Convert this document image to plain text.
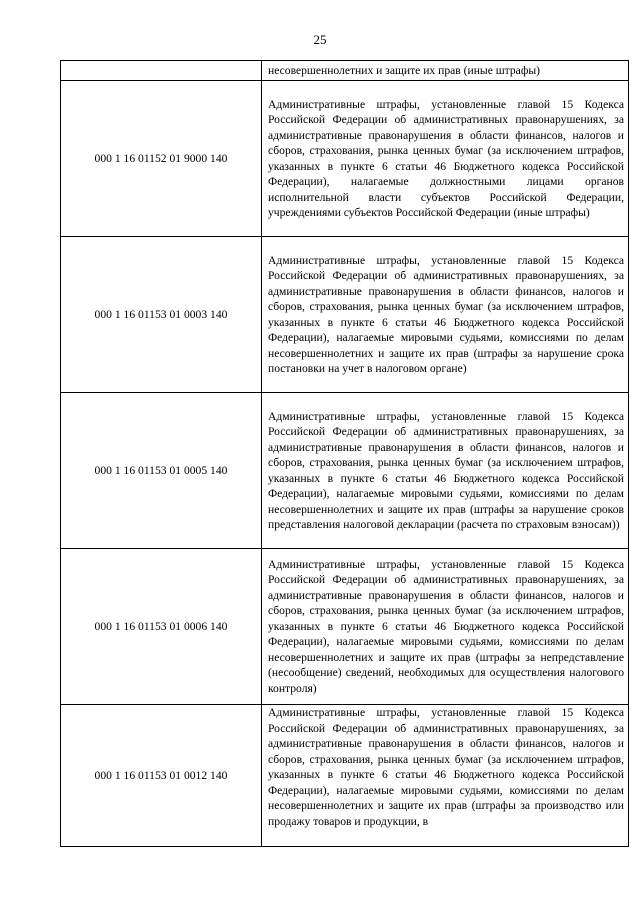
25
	несовершеннолетних и защите их прав (иные штрафы)
000 1 16 01152 01 9000 140	Административные штрафы, установленные главой 15 Кодекса Российской Федерации об административных правонарушениях, за административные правонарушения в области финансов, налогов и сборов, страхования, рынка ценных бумаг (за исключением штрафов, указанных в пункте 6 статьи 46 Бюджетного кодекса Российской Федерации), налагаемые должностными лицами органов исполнительной власти субъектов Российской Федерации, учреждениями субъектов Российской Федерации (иные штрафы)
000 1 16 01153 01 0003 140	Административные штрафы, установленные главой 15 Кодекса Российской Федерации об административных правонарушениях, за административные правонарушения в области финансов, налогов и сборов, страхования, рынка ценных бумаг (за исключением штрафов, указанных в пункте 6 статьи 46 Бюджетного кодекса Российской Федерации), налагаемые мировыми судьями, комиссиями по делам несовершеннолетних и защите их прав (штрафы за нарушение срока постановки на учет в налоговом органе)
000 1 16 01153 01 0005 140	Административные штрафы, установленные главой 15 Кодекса Российской Федерации об административных правонарушениях, за административные правонарушения в области финансов, налогов и сборов, страхования, рынка ценных бумаг (за исключением штрафов, указанных в пункте 6 статьи 46 Бюджетного кодекса Российской Федерации), налагаемые мировыми судьями, комиссиями по делам несовершеннолетних и защите их прав (штрафы за нарушение сроков представления налоговой декларации (расчета по страховым взносам))
000 1 16 01153 01 0006 140	Административные штрафы, установленные главой 15 Кодекса Российской Федерации об административных правонарушениях, за административные правонарушения в области финансов, налогов и сборов, страхования, рынка ценных бумаг (за исключением штрафов, указанных в пункте 6 статьи 46 Бюджетного кодекса Российской Федерации), налагаемые мировыми судьями, комиссиями по делам несовершеннолетних и защите их прав (штрафы за непредставление (несообщение) сведений, необходимых для осуществления налогового контроля)
000 1 16 01153 01 0012 140	Административные штрафы, установленные главой 15 Кодекса Российской Федерации об административных правонарушениях, за административные правонарушения в области финансов, налогов и сборов, страхования, рынка ценных бумаг (за исключением штрафов, указанных в пункте 6 статьи 46 Бюджетного кодекса Российской Федерации), налагаемые мировыми судьями, комиссиями по делам несовершеннолетних и защите их прав (штрафы за производство или продажу товаров и продукции, в
